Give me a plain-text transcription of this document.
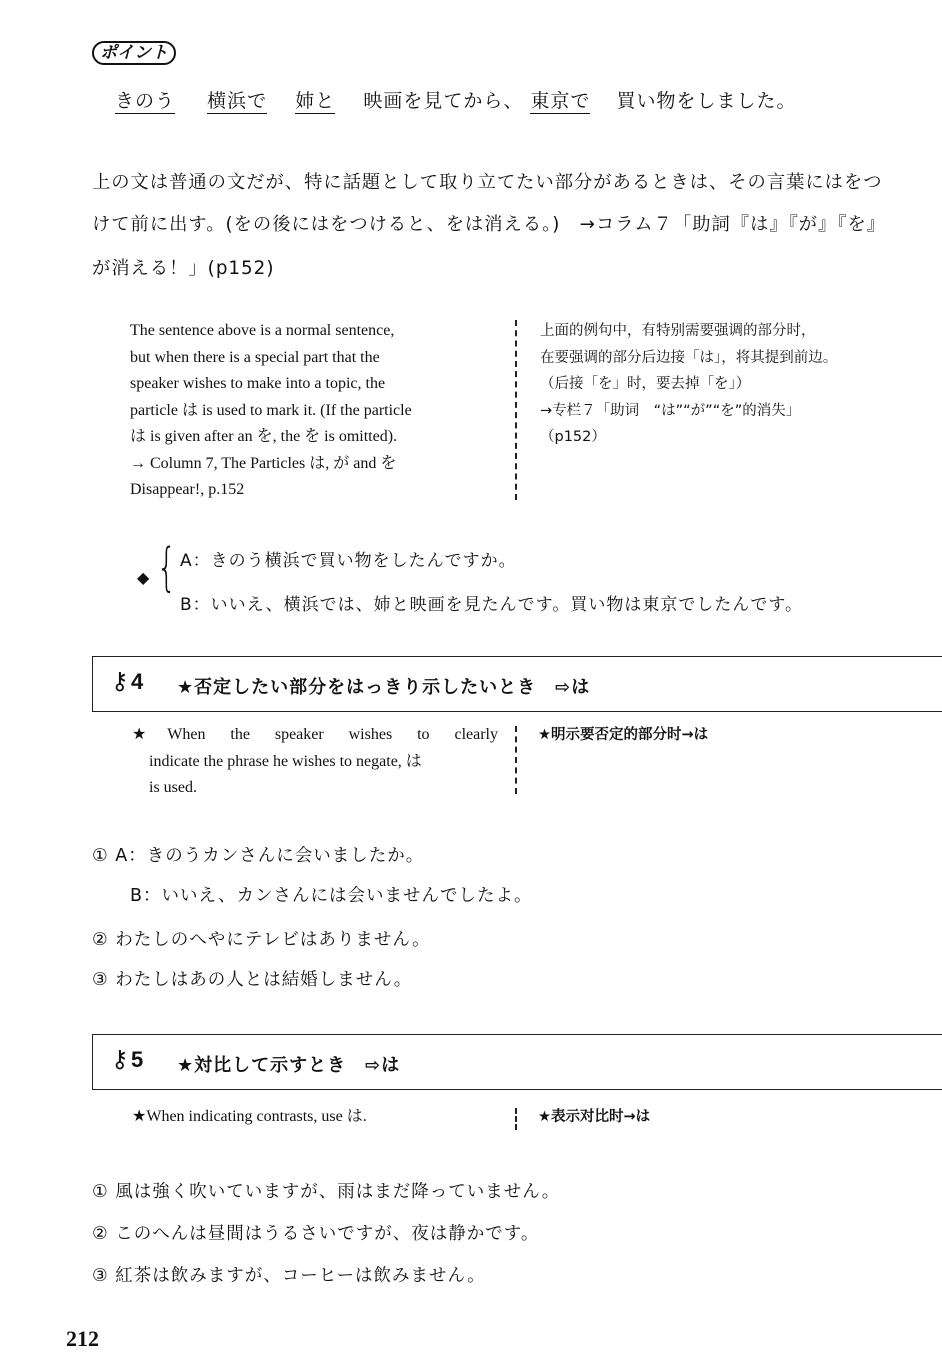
ポイント
きのう 横浜で 姉と 映画を見てから、 東京で 買い物をしました。
上の文は普通の文だが、特に話題として取り立てたい部分があるときは、その言葉にはをつ
けて前に出す。(をの後にはをつけると、をは消える。)　→コラム７「助詞『は』『が』『を』
が消える！」(p152)
The sentence above is a normal sentence,
but when there is a special part that the
speaker wishes to make into a topic, the
particle は is used to mark it. (If the particle
は is given after an を, the を is omitted).
→ Column 7, The Particles は, が and を
Disappear!, p.152
上面的例句中，有特别需要强调的部分时，
在要强调的部分后边接「は」，将其提到前边。
（后接「を」时，要去掉「を」）
→专栏７「助词　“は”“が”“を”的消失」
（p152）
◆ { A：きのう横浜で買い物をしたんですか。
B：いいえ、横浜では、姉と映画を見たんです。買い物は東京でしたんです。
⚷ 4 ★否定したい部分をはっきり示したいとき　⇨は
★When the speaker wishes to clearly
indicate the phrase he wishes to negate, は
is used.
★明示要否定的部分时→は
① A：きのうカンさんに会いましたか。
B：いいえ、カンさんには会いませんでしたよ。
② わたしのへやにテレビはありません。
③ わたしはあの人とは結婚しません。
⚷ 5 ★対比して示すとき　⇨は
★When indicating contrasts, use は.	★表示对比时→は
① 風は強く吹いていますが、雨はまだ降っていません。
② このへんは昼間はうるさいですが、夜は静かです。
③ 紅茶は飲みますが、コーヒーは飲みません。
212
